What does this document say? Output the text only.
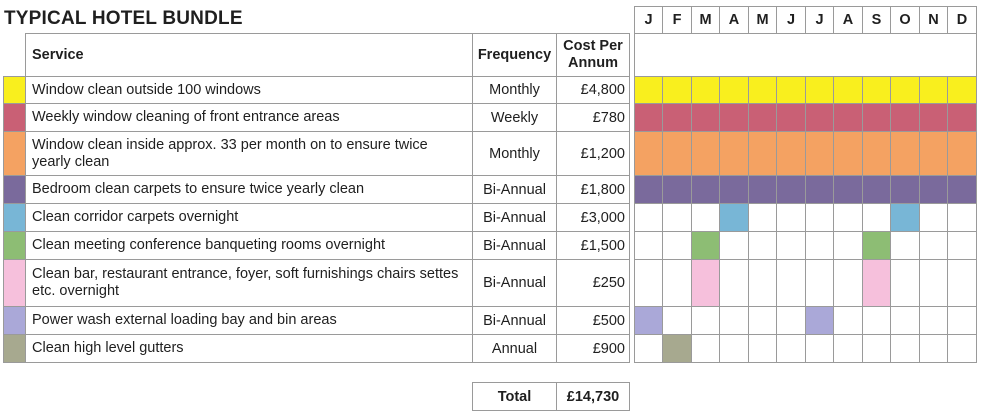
					J	F	M	A	M	J	J	A	S	O	N	D
	Service	Frequency	Cost Per Annum													
	Window clean outside 100 windows	Monthly	£4,800													
	Weekly window cleaning of front entrance areas	Weekly	£780													
	Window clean inside approx. 33 per month on to ensure twice yearly clean	Monthly	£1,200													
	Bedroom clean carpets to ensure twice yearly clean	Bi-Annual	£1,800													
	Clean corridor carpets overnight	Bi-Annual	£3,000													
	Clean meeting conference banqueting rooms overnight	Bi-Annual	£1,500													
	Clean bar, restaurant entrance, foyer, soft furnishings chairs settes etc. overnight	Bi-Annual	£250													
	Power wash external loading bay and bin areas	Bi-Annual	£500													
	Clean high level gutters	Annual	£900													
TYPICAL HOTEL BUNDLE
Total	£14,730
